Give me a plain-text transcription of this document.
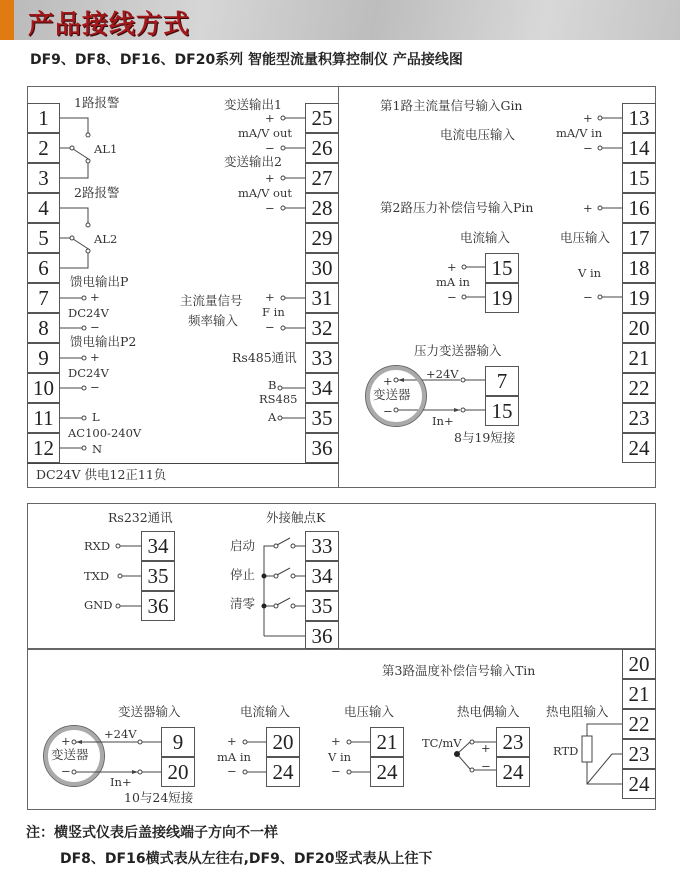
产品接线方式
DF9、DF8、DF16、DF20系列 智能型流量积算控制仪 产品接线图
1
2
3
4
5
6
7
8
9
10
11
12
DC24V 供电12正11负
25
26
27
28
29
30
31
32
33
34
35
36
1路报警
AL1
2路报警
AL2
馈电输出P
+
DC24V
−
馈电输出P2
+
DC24V
−
L
AC100-240V
N
变送输出1
+
mA/V out
−
变送输出2
+
mA/V out
−
主流量信号
频率输入
+
F in
−
Rs485通讯
B
RS485
A
13
14
15
16
17
18
19
20
21
22
23
24
第1路主流量信号输入Gin
+
电流电压输入	mA/V in
−
第2路压力补偿信号输入Pin	+
电流输入	电压输入
+
mA in
−
V in
−
15
19
压力变送器输入
+
变送器
−
+24V
In+
7
15
8与19短接
Rs232通讯
RXD
TXD
GND
34
35
36
外接触点K
启动
停止
清零
33
34
35
36
第3路温度补偿信号输入Tin	20
21
22
23
24
变送器输入
+
变送器
−
+24V
In+
9
20
10与24短接
电流输入
+
mA in
−
20
24
电压输入
+
V in
−
21
24
热电偶输入
TC/mV +
−
23
24
热电阻输入
RTD
注：横竖式仪表后盖接线端子方向不一样
DF8、DF16横式表从左往右,DF9、DF20竖式表从上往下
